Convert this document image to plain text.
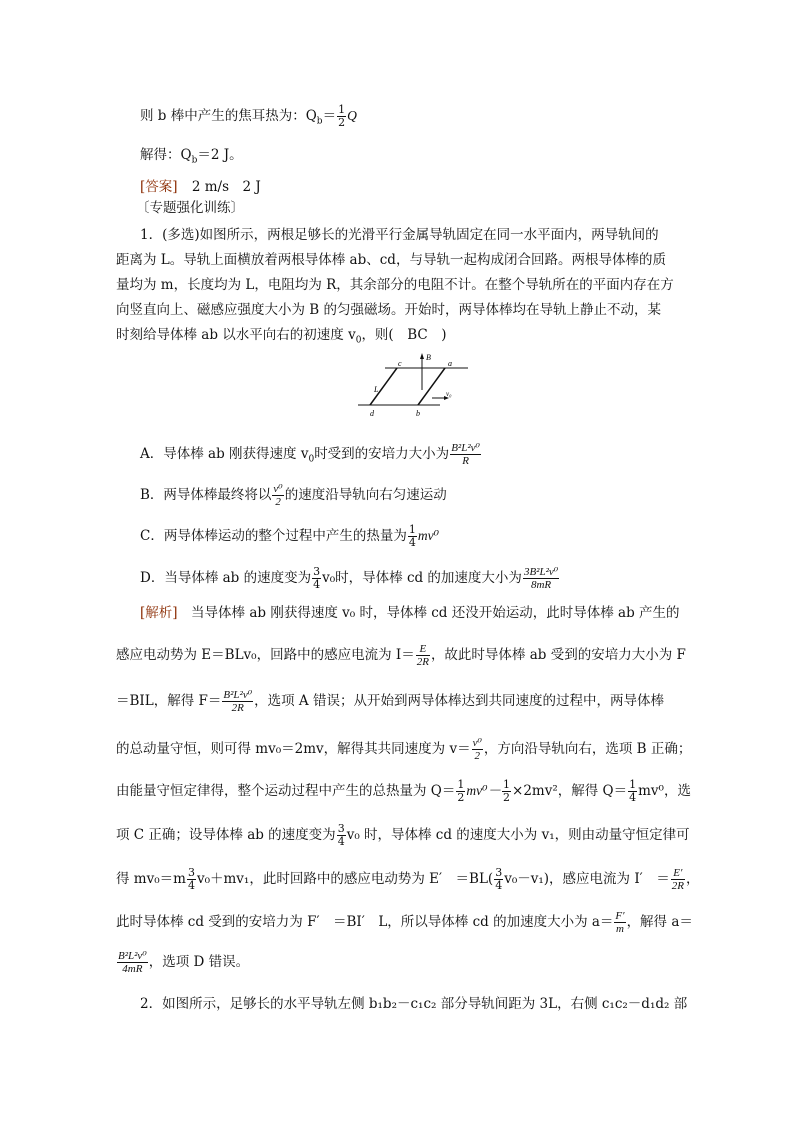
则 b 棒中产生的焦耳热为：$Q_b= \frac{1}{2}$ Q
解得：$Q_b=2$ J。
[答案] 2 m/s　2 J
〔专题强化训练〕
1．(多选)如图所示，两根足够长的光滑平行金属导轨固定在同一水平面内，两导轨间的
距离为 L。导轨上面横放着两根导体棒 ab、cd，与导轨一起构成闭合回路。两根导体棒的质
量均为 m，长度均为 L，电阻均为 R，其余部分的电阻不计。在整个导轨所在的平面内存在方
向竖直向上、磁感应强度大小为 B 的匀强磁场。开始时，两导体棒均在导轨上静止不动，某
时刻给导体棒 ab 以水平向右的初速度 $v_0$，则(　BC　)
B
a
b
c
d
L	v₀
A．导体棒 ab 刚获得速度 $v_0$时受到的安培力大小为 $\frac{\text{B²L²v⁰}}{R}$
B．两导体棒最终将以 $\frac{\text{v⁰}}{2}$ 的速度沿导轨向右匀速运动
C．两导体棒运动的整个过程中产生的热量为 $\frac{1}{4} mv^0$
D．当导体棒 ab 的速度变为 $\frac{3}{4} v_0$时，导体棒 cd 的加速度大小为 $\frac{\text{3B²L²v⁰}}{8mR}$
[解析]　当导体棒 ab 刚获得速度 v₀ 时，导体棒 cd 还没开始运动，此时导体棒 ab 产生的
感应电动势为 E＝BLv₀，回路中的感应电流为 $I= \frac{E}{2R}$ ，故此时导体棒 ab 受到的安培力大小为 F
＝BIL，解得 $F= \frac{\text{B²L²v⁰}}{2R}$ ，选项 A 错误；从开始到两导体棒达到共同速度的过程中，两导体棒
的总动量守恒，则可得 mv₀＝2mv，解得其共同速度为 $v= \frac{\text{v⁰}}{2}$ ，方向沿导轨向右，选项 B 正确；
由能量守恒定律得，整个运动过程中产生的总热量为 $Q= \frac{1}{2} mv^0- \frac{1}{2} \times 2mv^2$，解得 $Q= \frac{1}{4} mv^0$，选
项 C 正确；设导体棒 ab 的速度变为 $\frac{3}{4} v_0$ 时，导体棒 cd 的速度大小为 v₁，则由动量守恒定律可
得 $mv_0=m \frac{3}{4} v_0+mv_1$，此时回路中的感应电动势为 E′　$=BL( \frac{3}{4} v_0-v_1)$，感应电流为 I′　＝ $\frac{E'}{2R}$ ，
此时导体棒 cd 受到的安培力为 F′　＝BI′　L，所以导体棒 cd 的加速度大小为 $a= \frac{F'}{m}$ ，解得 a＝
$\frac{\text{B²L²v⁰}}{4mR}$ ，选项 D 错误。
2．如图所示，足够长的水平导轨左侧 b₁b₂－c₁c₂ 部分导轨间距为 3L，右侧 c₁c₂－d₁d₂ 部
